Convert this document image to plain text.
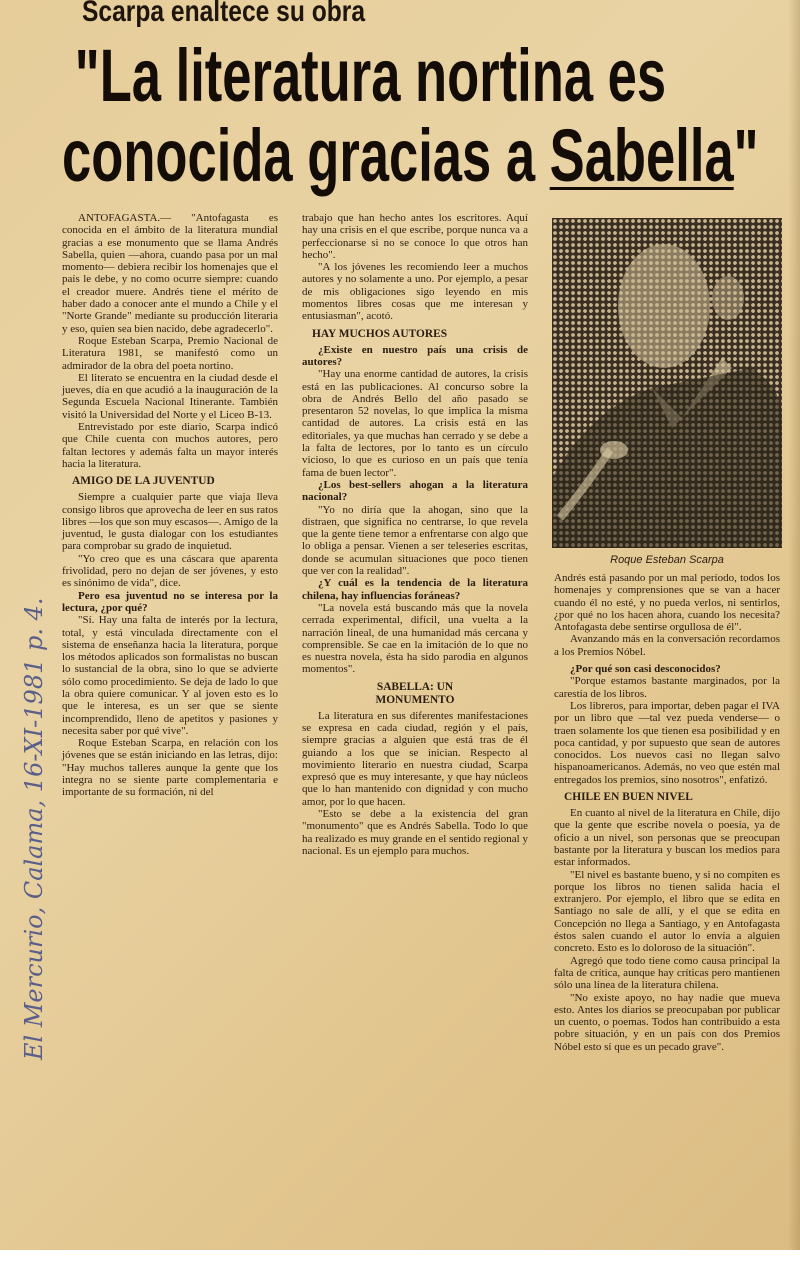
Scarpa enaltece su obra
"La literatura nortina es
conocida gracias a Sabella"
El Mercurio, Calama, 16-XI-1981 p. 4.

ANTOFAGASTA.— "Antofagasta es conocida en el ámbito de la literatura mundial gracias a ese monumento que se llama Andrés Sabella, quien —ahora, cuando pasa por un mal momento— debiera recibir los homenajes que el país le debe, y no como ocurre siempre: cuando el creador muere. Andrés tiene el mérito de haber dado a conocer ante el mundo a Chile y el "Norte Grande" mediante su producción literaria y eso, quien sea bien nacido, debe agradecerlo".

Roque Esteban Scarpa, Premio Nacional de Literatura 1981, se manifestó como un admirador de la obra del poeta nortino.

El literato se encuentra en la ciudad desde el jueves, día en que acudió a la inauguración de la Segunda Escuela Nacional Itinerante. También visitó la Universidad del Norte y el Liceo B-13.

Entrevistado por este diario, Scarpa indicó que Chile cuenta con muchos autores, pero faltan lectores y además falta un mayor interés hacia la literatura.

AMIGO DE LA JUVENTUD

Siempre a cualquier parte que viaja lleva consigo libros que aprovecha de leer en sus ratos libres —los que son muy escasos—. Amigo de la juventud, le gusta dialogar con los estudiantes para comprobar su grado de inquietud.

"Yo creo que es una cáscara que aparenta frivolidad, pero no dejan de ser jóvenes, y esto es sinónimo de vida", dice.

Pero esa juventud no se interesa por la lectura, ¿por qué?

"Sí. Hay una falta de interés por la lectura, total, y está vinculada directamente con el sistema de enseñanza hacia la literatura, porque los métodos aplicados son formalistas no buscan lo sustancial de la obra, sino lo que se advierte sólo como procedimiento. Se deja de lado lo que la obra quiere comunicar. Y al joven esto es lo que le interesa, es un ser que se siente incomprendido, lleno de apetitos y pasiones y necesita saber por qué vive".

Roque Esteban Scarpa, en relación con los jóvenes que se están iniciando en las letras, dijo: "Hay muchos talleres aunque la gente que los integra no se siente parte complementaria e importante de su formación, ni del

trabajo que han hecho antes los escritores. Aquí hay una crisis en el que escribe, porque nunca va a perfeccionarse si no se conoce lo que otros han hecho".

"A los jóvenes les recomiendo leer a muchos autores y no solamente a uno. Por ejemplo, a pesar de mis obligaciones sigo leyendo en mis momentos libres cosas que me interesan y entusiasman", acotó.

HAY MUCHOS AUTORES

¿Existe en nuestro país una crisis de autores?

"Hay una enorme cantidad de autores, la crisis está en las publicaciones. Al concurso sobre la obra de Andrés Bello del año pasado se presentaron 52 novelas, lo que implica la misma cantidad de autores. La crisis está en las editoriales, ya que muchas han cerrado y se debe a la falta de lectores, por lo tanto es un círculo vicioso, lo que es curioso en un país que tenía fama de buen lector".

¿Los best-sellers ahogan a la literatura nacional?

"Yo no diría que la ahogan, sino que la distraen, que significa no centrarse, lo que revela que la gente tiene temor a enfrentarse con algo que lo obliga a pensar. Vienen a ser teleseries escritas, donde se acumulan situaciones que poco tienen que ver con la realidad".

¿Y cuál es la tendencia de la literatura chilena, hay influencias foráneas?

"La novela está buscando más que la novela cerrada experimental, difícil, una vuelta a la narración lineal, de una humanidad más cercana y comprensible. Se cae en la imitación de lo que no es nuestra novela, ésta ha sido parodia en algunos momentos".

SABELLA: UN
MONUMENTO

La literatura en sus diferentes manifestaciones se expresa en cada ciudad, región y el país, siempre gracias a alguien que está tras de él guiando a los que se inician. Respecto al movimiento literario en nuestra ciudad, Scarpa expresó que es muy interesante, y que hay núcleos que lo han mantenido con dignidad y con mucho amor, por lo que hacen.

"Esto se debe a la existencia del gran "monumento" que es Andrés Sabella. Todo lo que ha realizado es muy grande en el sentido regional y nacional. Es un ejemplo para muchos.

Roque Esteban Scarpa

Andrés está pasando por un mal período, todos los homenajes y comprensiones que se van a hacer cuando él no esté, y no pueda verlos, ni sentirlos, ¿por qué no los hacen ahora, cuando los necesita? Antofagasta debe sentirse orgullosa de él".

Avanzando más en la conversación recordamos a los Premios Nóbel.

¿Por qué son casi desconocidos?

"Porque estamos bastante marginados, por la carestía de los libros.

Los libreros, para importar, deben pagar el IVA por un libro que —tal vez pueda venderse— o traen solamente los que tienen esa posibilidad y en poca cantidad, y por supuesto que sean de autores conocidos. Los nuevos casi no llegan salvo hispanoamericanos. Además, no veo que estén mal entregados los premios, sino nosotros", enfatizó.

CHILE EN BUEN NIVEL

En cuanto al nivel de la literatura en Chile, dijo que la gente que escribe novela o poesía, ya de oficio a un nivel, son personas que se preocupan bastante por la literatura y buscan los medios para estar informados.

"El nivel es bastante bueno, y si no compiten es porque los libros no tienen salida hacia el extranjero. Por ejemplo, el libro que se edita en Santiago no sale de allí, y el que se edita en Concepción no llega a Santiago, y en Antofagasta éstos salen cuando el autor lo envía a alguien concreto. Esto es lo doloroso de la situación".

Agregó que todo tiene como causa principal la falta de crítica, aunque hay críticas pero mantienen sólo una línea de la literatura chilena.

"No existe apoyo, no hay nadie que mueva esto. Antes los diarios se preocupaban por publicar un cuento, o poemas. Todos han contribuido a esta pobre situación, y en un país con dos Premios Nóbel esto sí que es un pecado grave".
